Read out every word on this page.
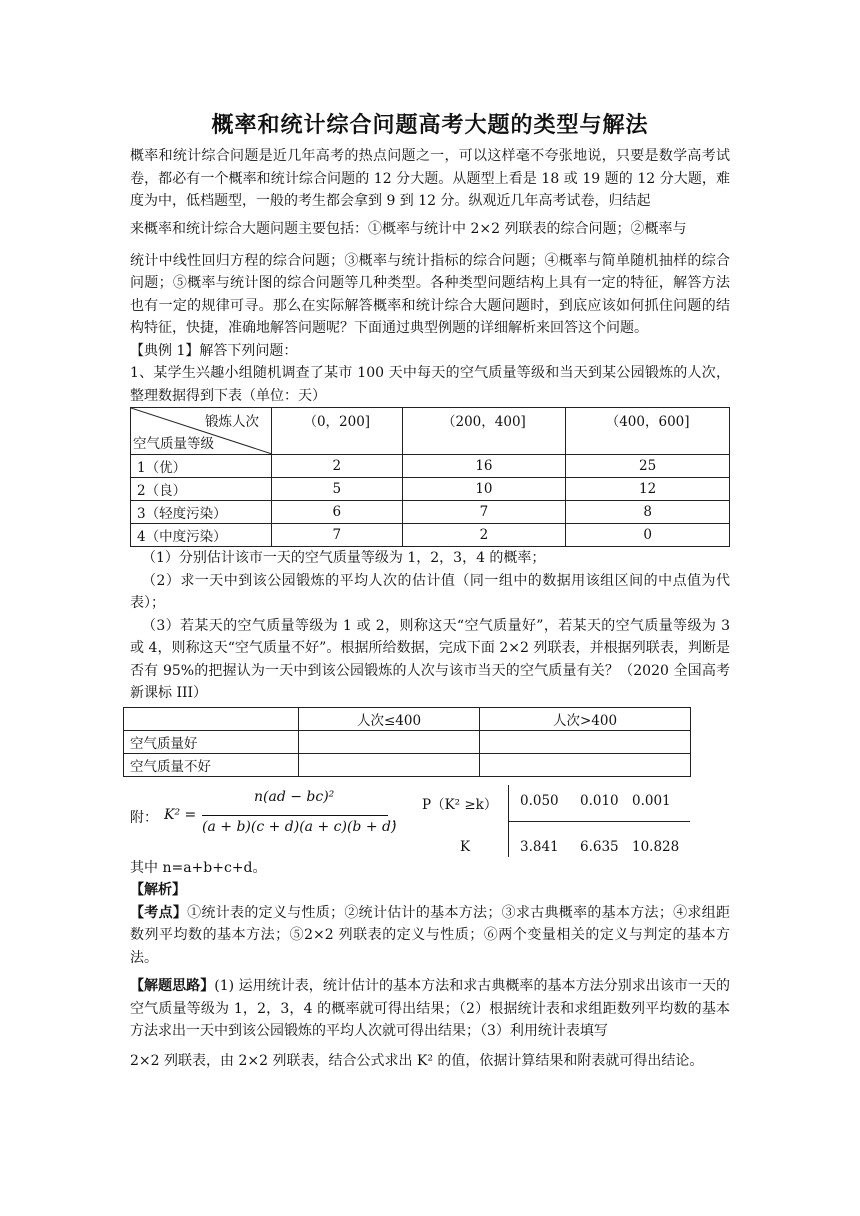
概率和统计综合问题高考大题的类型与解法

概率和统计综合问题是近几年高考的热点问题之一，可以这样毫不夸张地说，只要是数学高考试卷，都必有一个概率和统计综合问题的 12 分大题。从题型上看是 18 或 19 题的 12 分大题，难度为中，低档题型，一般的考生都会拿到 9 到 12 分。纵观近几年高考试卷，归结起

来概率和统计综合大题问题主要包括：①概率与统计中 2×2 列联表的综合问题；②概率与

统计中线性回归方程的综合问题；③概率与统计指标的综合问题；④概率与简单随机抽样的综合问题；⑤概率与统计图的综合问题等几种类型。各种类型问题结构上具有一定的特征，解答方法也有一定的规律可寻。那么在实际解答概率和统计综合大题问题时，到底应该如何抓住问题的结构特征，快捷，准确地解答问题呢？下面通过典型例题的详细解析来回答这个问题。

【典例 1】解答下列问题：

1、某学生兴趣小组随机调查了某市 100 天中每天的空气质量等级和当天到某公园锻炼的人次，整理数据得到下表（单位：天）

锻炼人次
空气质量等级	（0，200]	（200，400]	（400，600]
1（优）	2	16	25
2（良）	5	10	12
3（轻度污染）	6	7	8
4（中度污染）	7	2	0

（1）分别估计该市一天的空气质量等级为 1，2，3，4 的概率；

（2）求一天中到该公园锻炼的平均人次的估计值（同一组中的数据用该组区间的中点值为代表）；

（3）若某天的空气质量等级为 1 或 2，则称这天“空气质量好”，若某天的空气质量等级为 3 或 4，则称这天“空气质量不好”。根据所给数据，完成下面 2×2 列联表，并根据列联表，判断是否有 95%的把握认为一天中到该公园锻炼的人次与该市当天的空气质量有关？（2020 全国高考新课标 III）

	人次≤400	人次>400
空气质量好		
空气质量不好		
附： K² =
n(ad − bc)²
(a + b)(c + d)(a + c)(b + d)
，
P（K² ≥k） 0.050 0.010 0.001
K	3.841 6.635 10.828

其中 n=a+b+c+d。

【解析】

【考点】①统计表的定义与性质；②统计估计的基本方法；③求古典概率的基本方法；④求组距数列平均数的基本方法；⑤2×2 列联表的定义与性质；⑥两个变量相关的定义与判定的基本方法。

【解题思路】(1) 运用统计表，统计估计的基本方法和求古典概率的基本方法分别求出该市一天的空气质量等级为 1，2，3，4 的概率就可得出结果；（2）根据统计表和求组距数列平均数的基本方法求出一天中到该公园锻炼的平均人次就可得出结果；（3）利用统计表填写

2×2 列联表，由 2×2 列联表，结合公式求出 K² 的值，依据计算结果和附表就可得出结论。
